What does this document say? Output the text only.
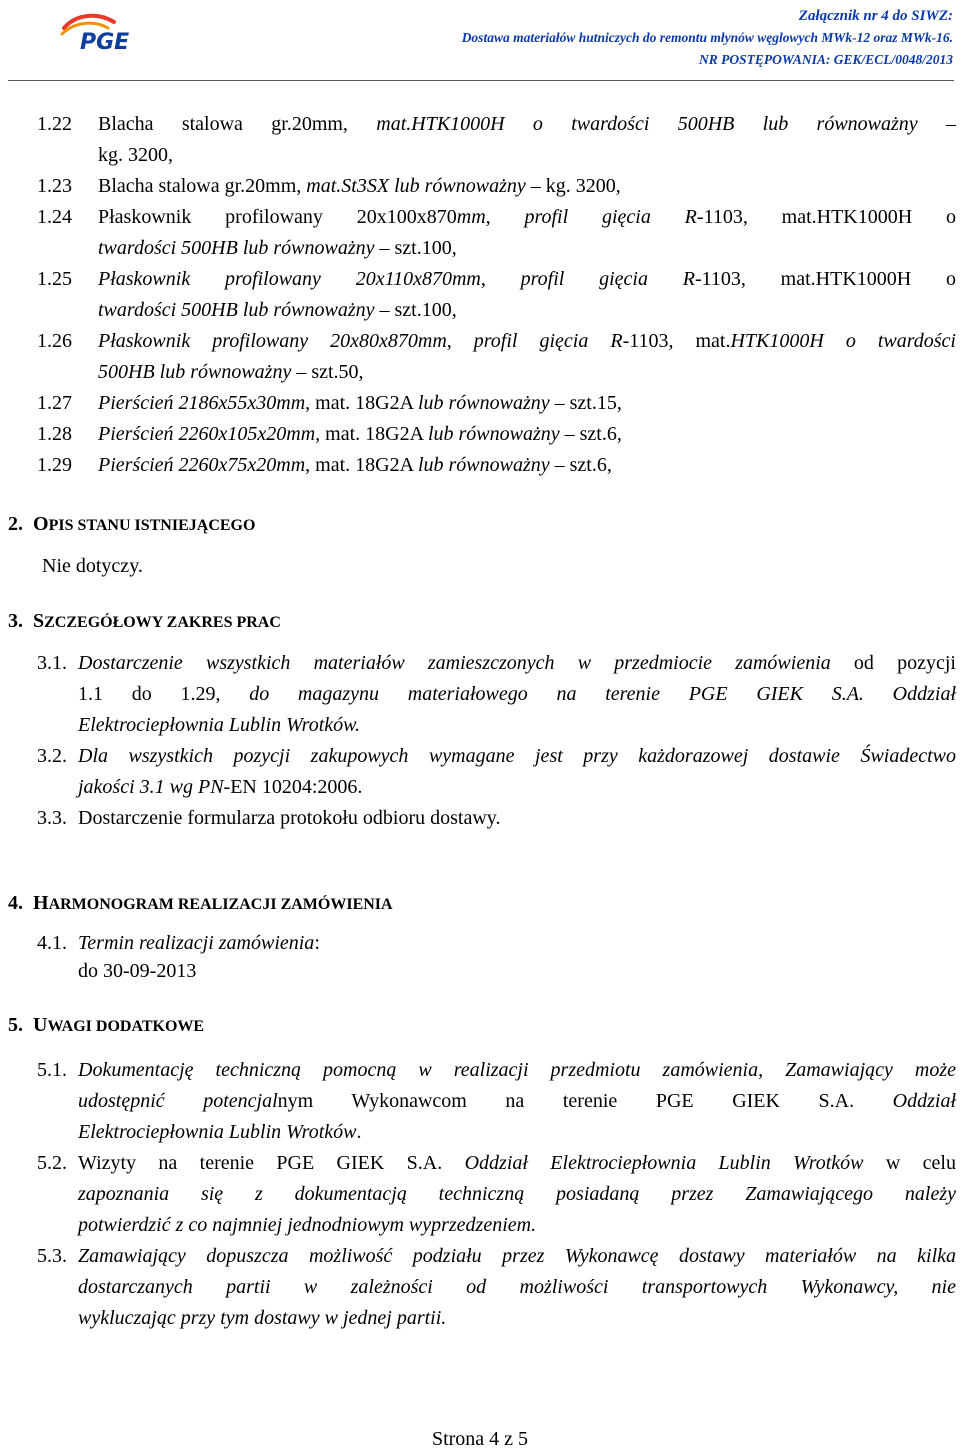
PGE
Załącznik nr 4 do SIWZ:
Dostawa materiałów hutniczych do remontu młynów węglowych MWk-12 oraz MWk-16.
NR POSTĘPOWANIA: GEK/ECL/0048/2013
1.22 Blacha stalowa gr.20mm, mat.HTK1000H o twardości 500HB lub równoważny –
kg. 3200,
1.23 Blacha stalowa gr.20mm, mat.St3SX lub równoważny – kg. 3200,
1.24 Płaskownik profilowany 20x100x870mm, profil gięcia R-1103, mat.HTK1000H o
twardości 500HB lub równoważny – szt.100,
1.25 Płaskownik profilowany 20x110x870mm, profil gięcia R-1103, mat.HTK1000H o
twardości 500HB lub równoważny – szt.100,
1.26 Płaskownik profilowany 20x80x870mm, profil gięcia R-1103, mat.HTK1000H o twardości
500HB lub równoważny – szt.50,
1.27 Pierścień 2186x55x30mm, mat. 18G2A lub równoważny – szt.15,
1.28 Pierścień 2260x105x20mm, mat. 18G2A lub równoważny – szt.6,
1.29 Pierścień 2260x75x20mm, mat. 18G2A lub równoważny – szt.6,
2. OPIS STANU ISTNIEJĄCEGO
Nie dotyczy.
3. SZCZEGÓŁOWY ZAKRES PRAC
3.1. Dostarczenie wszystkich materiałów zamieszczonych w przedmiocie zamówienia od pozycji
1.1 do 1.29, do magazynu materiałowego na terenie PGE GIEK S.A. Oddział
Elektrociepłownia Lublin Wrotków.
3.2. Dla wszystkich pozycji zakupowych wymagane jest przy każdorazowej dostawie Świadectwo
jakości 3.1 wg PN-EN 10204:2006.
3.3. Dostarczenie formularza protokołu odbioru dostawy.
4. HARMONOGRAM REALIZACJI ZAMÓWIENIA
4.1. Termin realizacji zamówienia:
do 30-09-2013
5. UWAGI DODATKOWE
5.1. Dokumentację techniczną pomocną w realizacji przedmiotu zamówienia, Zamawiający może
udostępnić potencjalnym Wykonawcom na terenie PGE GIEK S.A. Oddział
Elektrociepłownia Lublin Wrotków.
5.2. Wizyty na terenie PGE GIEK S.A. Oddział Elektrociepłownia Lublin Wrotków w celu
zapoznania się z dokumentacją techniczną posiadaną przez Zamawiającego należy
potwierdzić z co najmniej jednodniowym wyprzedzeniem.
5.3. Zamawiający dopuszcza możliwość podziału przez Wykonawcę dostawy materiałów na kilka
dostarczanych partii w zależności od możliwości transportowych Wykonawcy, nie
wykluczając przy tym dostawy w jednej partii.
Strona 4 z 5
